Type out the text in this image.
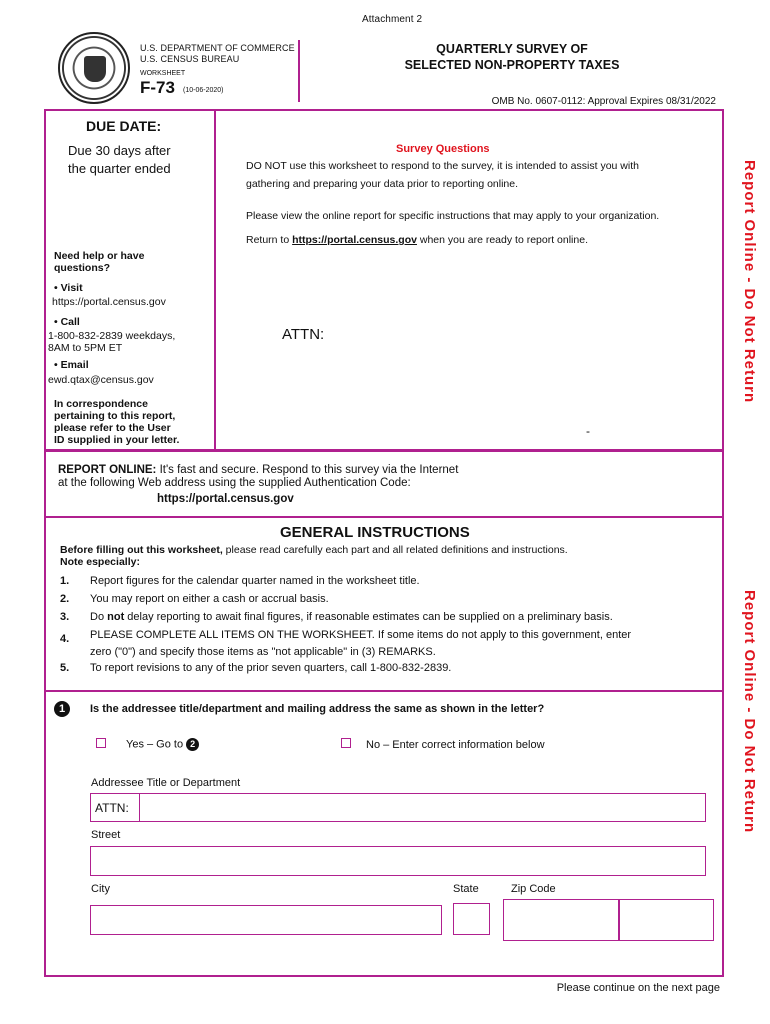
Attachment 2
U.S. DEPARTMENT OF COMMERCE
U.S. CENSUS BUREAU
WORKSHEET
F-73 (10-06-2020)
QUARTERLY SURVEY OF
SELECTED NON-PROPERTY TAXES
OMB No. 0607-0112: Approval Expires 08/31/2022
DUE DATE:
Due 30 days after
the quarter ended
Need help or have
questions?
• Visit
https://portal.census.gov
• Call
1-800-832-2839 weekdays,
8AM to 5PM ET
• Email
ewd.qtax@census.gov
In correspondence
pertaining to this report,
please refer to the User
ID supplied in your letter.
Survey Questions
DO NOT use this worksheet to respond to the survey, it is intended to assist you with
gathering and preparing your data prior to reporting online.
Please view the online report for specific instructions that may apply to your organization.
Return to https://portal.census.gov when you are ready to report online.
ATTN:
-
Report Online - Do Not Return
REPORT ONLINE: It's fast and secure. Respond to this survey via the Internet
at the following Web address using the supplied Authentication Code:
https://portal.census.gov
GENERAL INSTRUCTIONS
Before filling out this worksheet, please read carefully each part and all related definitions and instructions.
Note especially:
1.	Report figures for the calendar quarter named in the worksheet title.
2.	You may report on either a cash or accrual basis.
3.	Do not delay reporting to await final figures, if reasonable estimates can be supplied on a preliminary basis.
4.	PLEASE COMPLETE ALL ITEMS ON THE WORKSHEET. If some items do not apply to this government, enter
zero ("0") and specify those items as "not applicable" in (3) REMARKS.
5.	To report revisions to any of the prior seven quarters, call 1-800-832-2839.
1	Is the addressee title/department and mailing address the same as shown in the letter?
Yes – Go to 2	No – Enter correct information below
Addressee Title or Department
ATTN:
Street
City	State	Zip Code
Report Online - Do Not Return
Please continue on the next page
